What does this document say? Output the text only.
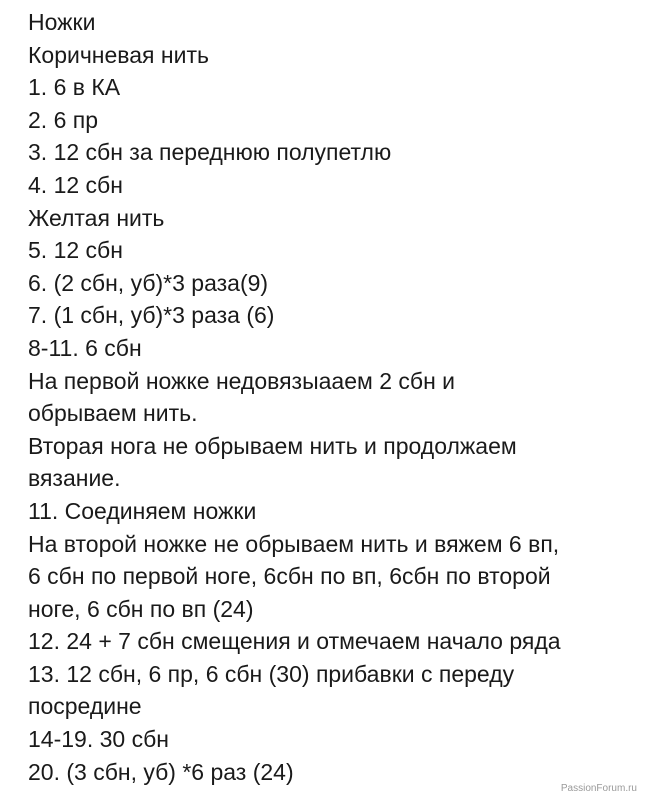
Ножки
Коричневая нить
1. 6 в КА
2. 6 пр
3. 12 сбн за переднюю полупетлю
4. 12 сбн
Желтая нить
5. 12 сбн
6. (2 сбн, уб)*3 раза(9)
7. (1 сбн, уб)*3 раза (6)
8-11. 6 сбн
На первой ножке недовязыааем 2 сбн и
обрываем нить.
Вторая нога не обрываем нить и продолжаем
вязание.
11. Соединяем ножки
На второй ножке не обрываем нить и вяжем 6 вп,
6 сбн по первой ноге, 6сбн по вп, 6сбн по второй
ноге, 6 сбн по вп (24)
12. 24 + 7 сбн смещения и отмечаем начало ряда
13. 12 сбн, 6 пр, 6 сбн (30) прибавки с переду
посредине
14-19. 30 сбн
20. (3 сбн, уб) *6 раз (24)
PassionForum.ru
